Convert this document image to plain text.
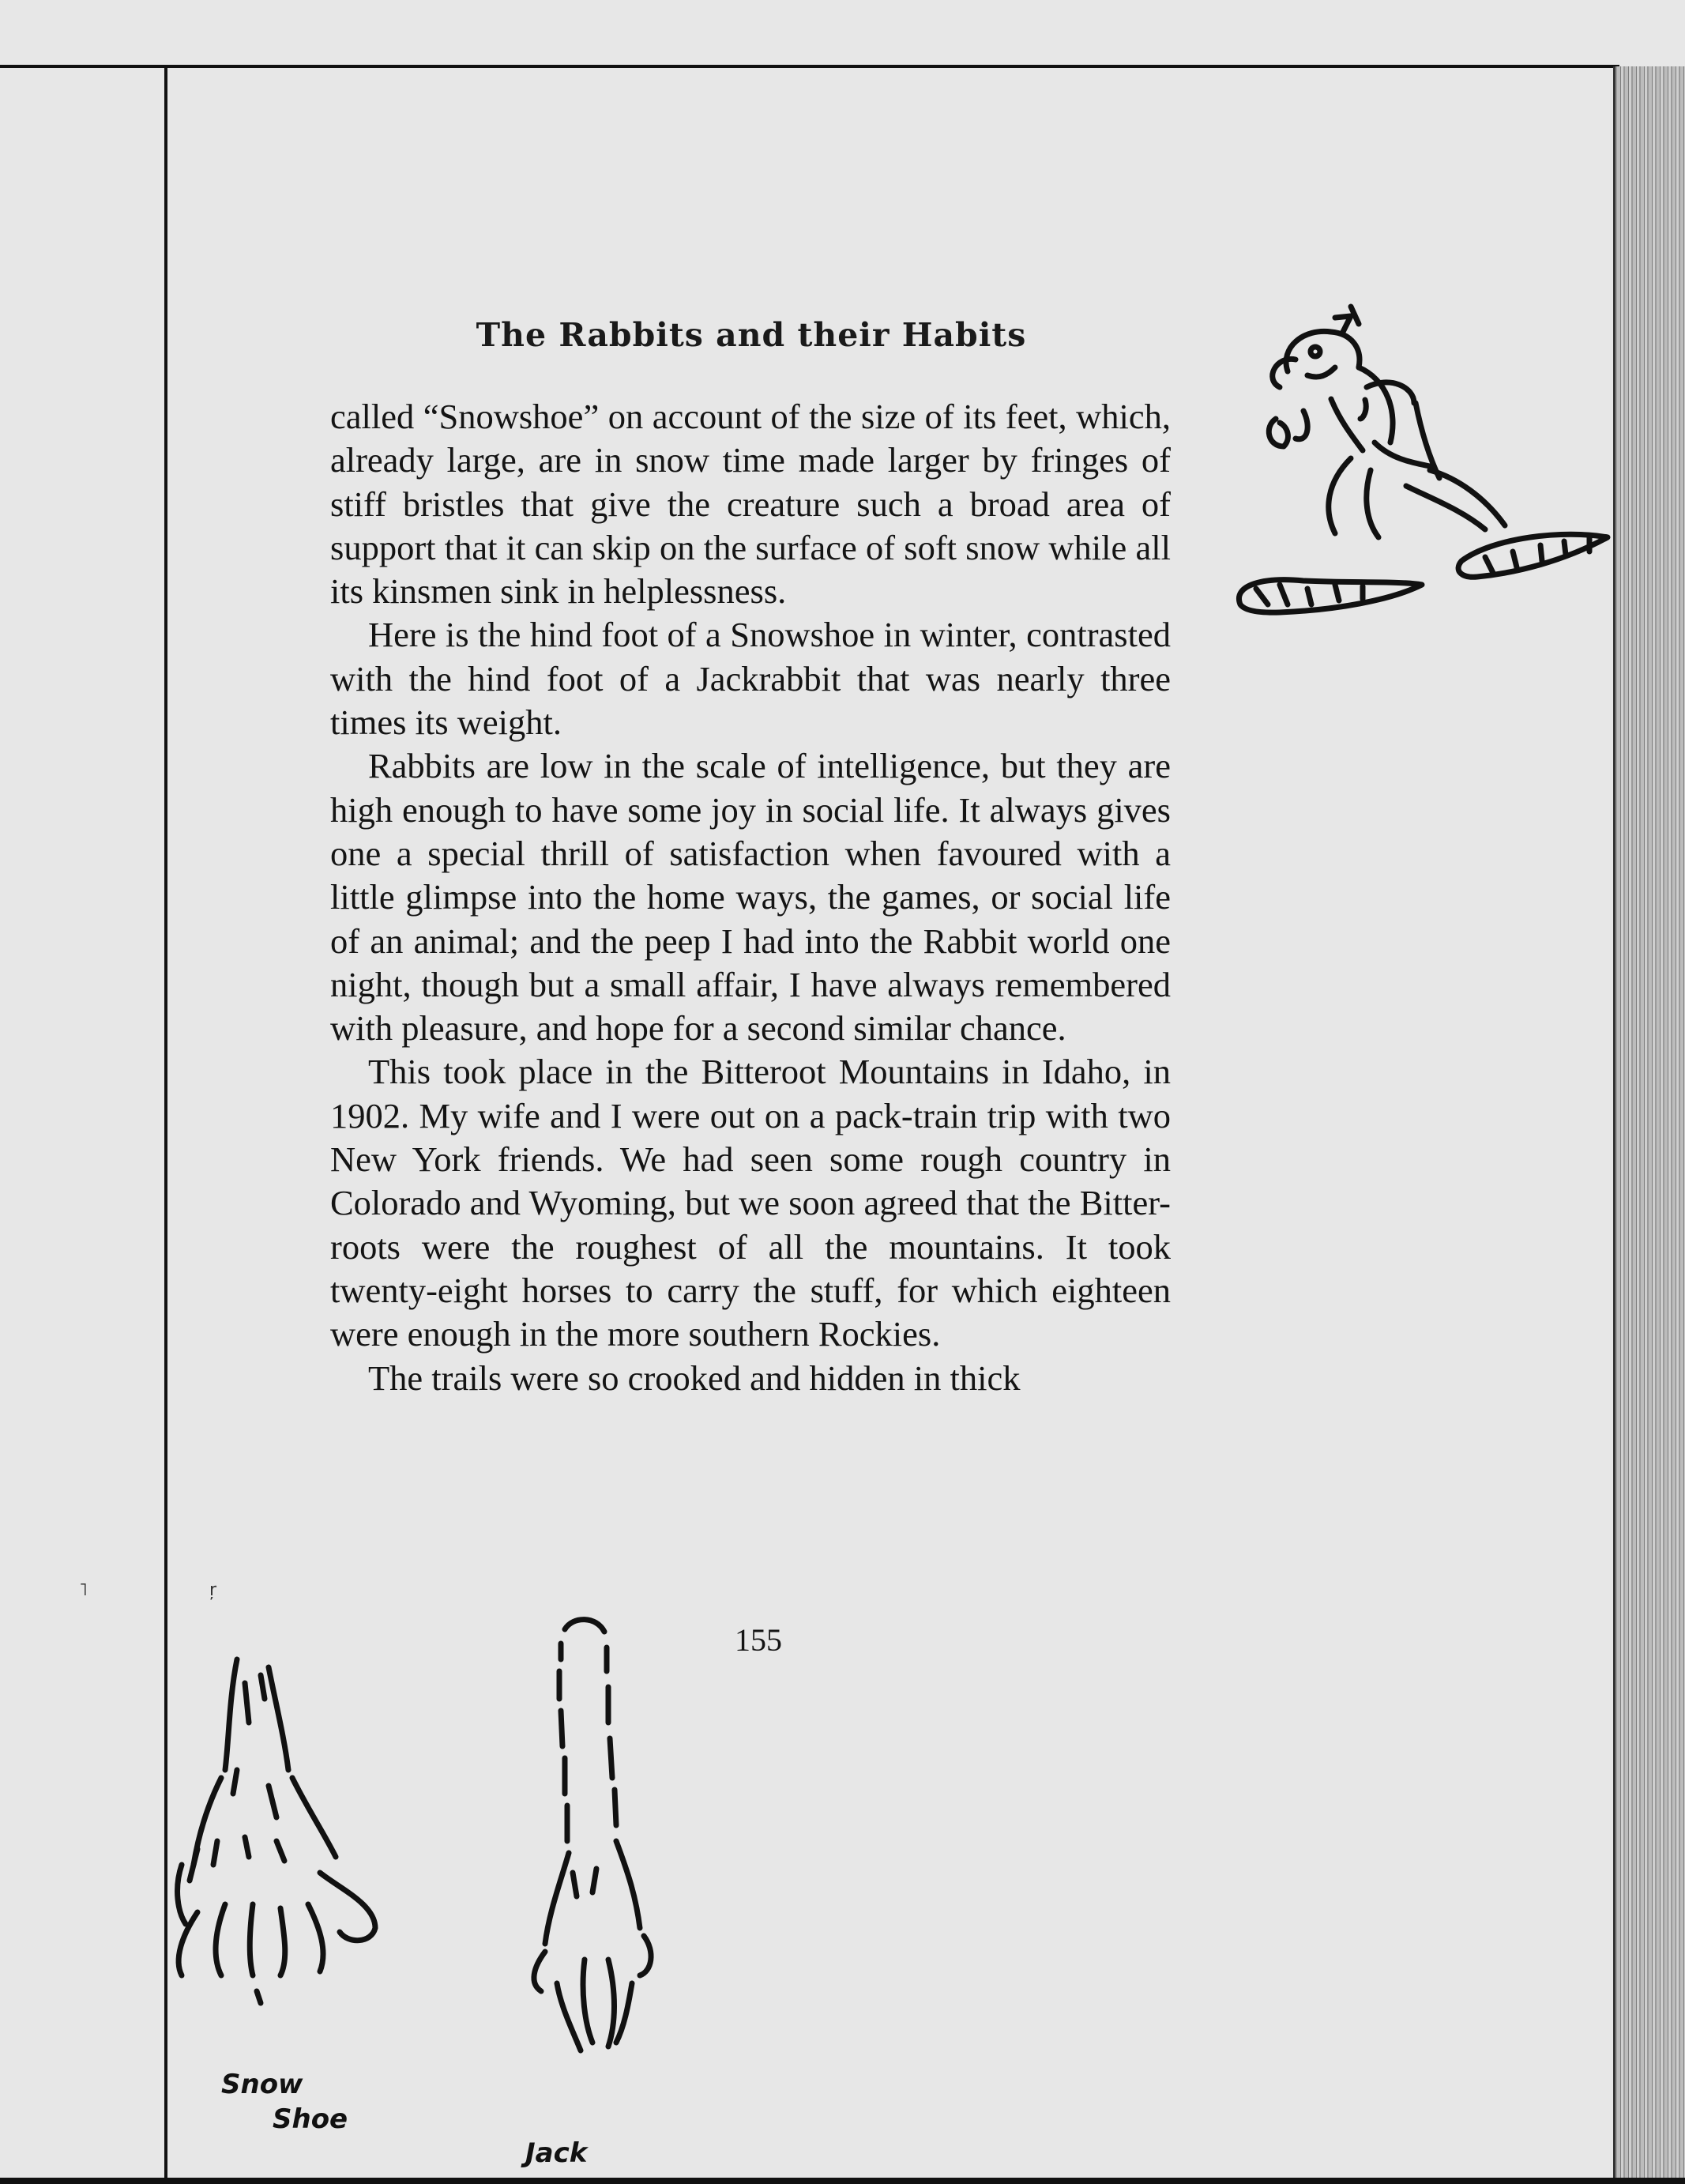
The Rabbits and their Habits

called “Snowshoe” on account of the size of its feet, which, already large, are in snow time made larger by fringes of stiff bristles that give the creature such a broad area of support that it can skip on the surface of soft snow while all its kinsmen sink in helplessness.

Here is the hind foot of a Snowshoe in winter, contrasted with the hind foot of a Jackrabbit that was nearly three times its weight.

Rabbits are low in the scale of intelligence, but they are high enough to have some joy in social life. It always gives one a special thrill of satisfaction when favoured with a little glimpse into the home ways, the games, or social life of an animal; and the peep I had into the Rabbit world one night, though but a small affair, I have always remembered with pleasure, and hope for a second similar chance.

This took place in the Bitteroot Mountains in Idaho, in 1902. My wife and I were out on a pack-train trip with two New York friends. We had seen some rough country in Colorado and Wyoming, but we soon agreed that the Bitter-roots were the roughest of all the mountains. It took twenty-eight horses to carry the stuff, for which eighteen were enough in the more southern Rockies.

The trails were so crooked and hidden in thick

155
Snow
Shoe
Jack
˥	ŗ
